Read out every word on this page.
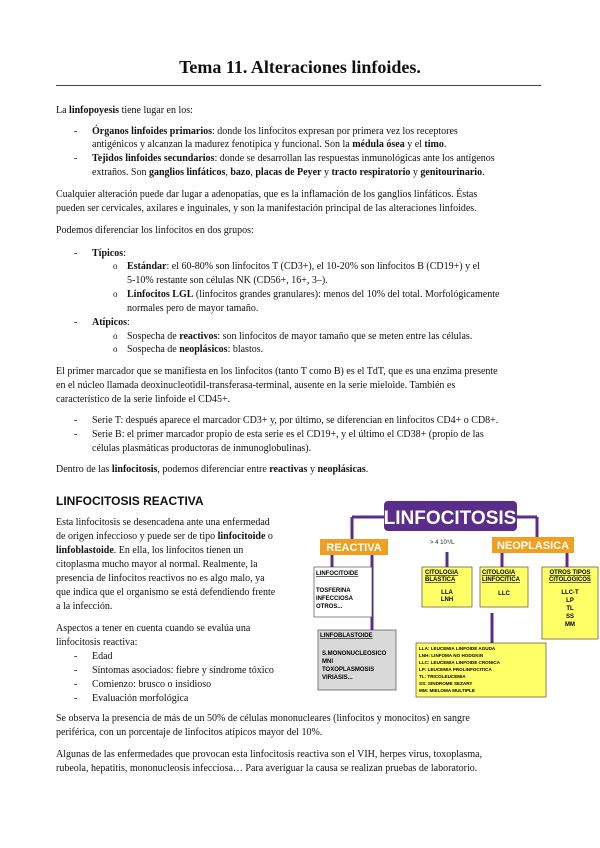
Tema 11. Alteraciones linfoides.
La linfopoyesis tiene lugar en los:
- Órganos linfoides primarios: donde los linfocitos expresan por primera vez los receptores
antigénicos y alcanzan la madurez fenotípica y funcional. Son la médula ósea y el timo.
- Tejidos linfoides secundarios: donde se desarrollan las respuestas inmunológicas ante los antígenos
extraños. Son ganglios linfáticos, bazo, placas de Peyer y tracto respiratorio y genitourinario.
Cualquier alteración puede dar lugar a adenopatías, que es la inflamación de los ganglios linfáticos. Éstas
pueden ser cervicales, axilares e inguinales, y son la manifestación principal de las alteraciones linfoides.
Podemos diferenciar los linfocitos en dos grupos:
- Típicos:
o Estándar: el 60-80% son linfocitos T (CD3+), el 10-20% son linfocitos B (CD19+) y el
5-10% restante son células NK (CD56+, 16+, 3–).
o Linfocitos LGL (linfocitos grandes granulares): menos del 10% del total. Morfológicamente
normales pero de mayor tamaño.
- Atípicos:
o Sospecha de reactivos: son linfocitos de mayor tamaño que se meten entre las células.
o Sospecha de neoplásicos: blastos.
El primer marcador que se manifiesta en los linfocitos (tanto T como B) es el TdT, que es una enzima presente
en el núcleo llamada deoxinucleotidil-transferasa-terminal, ausente en la serie mieloide. También es
característico de la serie linfoide el CD45+.
- Serie T: después aparece el marcador CD3+ y, por último, se diferencian en linfocitos CD4+ o CD8+.
- Serie B: el primer marcador propio de esta serie es el CD19+, y el último el CD38+ (propio de las
células plasmáticas productoras de inmunoglobulinas).
Dentro de las linfocitosis, podemos diferenciar entre reactivas y neoplásicas.
LINFOCITOSIS REACTIVA
Esta linfocitosis se desencadena ante una enfermedad
de origen infeccioso y puede ser de tipo linfocitoide o
linfoblastoide. En ella, los linfocitos tienen un
citoplasma mucho mayor al normal. Realmente, la
presencia de linfocitos reactivos no es algo malo, ya
que indica que el organismo se está defendiendo frente
a la infección.
Aspectos a tener en cuenta cuando se evalúa una
linfocitosis reactiva:
- Edad
- Síntomas asociados: fiebre y síndrome tóxico
- Comienzo: brusco o insidioso
- Evaluación morfológica
Se observa la presencia de más de un 50% de células mononucleares (linfocitos y monocitos) en sangre
periférica, con un porcentaje de linfocitos atípicos mayor del 10%.
Algunas de las enfermedades que provocan esta linfocitosis reactiva son el VIH, herpes virus, toxoplasma,
rubeola, hepatitis, mononucleosis infecciosa… Para averiguar la causa se realizan pruebas de laboratorio.
LINFOCITOSIS
> 4 10⁹/L
REACTIVA	NEOPLASICA
LINFOCITOIDE
TOSFERINA
INFECCIOSA
OTROS...
CITOLOGIA
BLASTICA
LLA
LNH
CITOLOGIA
LINFOCITICA
LLC
OTROS TIPOS
CITOLOGICOS
LLC-T
LP
TL
SS
MM
LINFOBLASTOIDE
S.MONONUCLEOSICO
MNI
TOXOPLASMOSIS
VIRIASIS...
LLA: LEUCEMIA LINFOIDE AGUDA
LNH: LINFOMA NO HODGKIN
LLC: LEUCEMIA LINFOIDE CRONICA
LP: LEUCEMIA PROLINFOCITICA
TL: TRICOLEUCEMIA
SS: SINDROME SEZARY
MM: MIELOMA MULTIPLE
